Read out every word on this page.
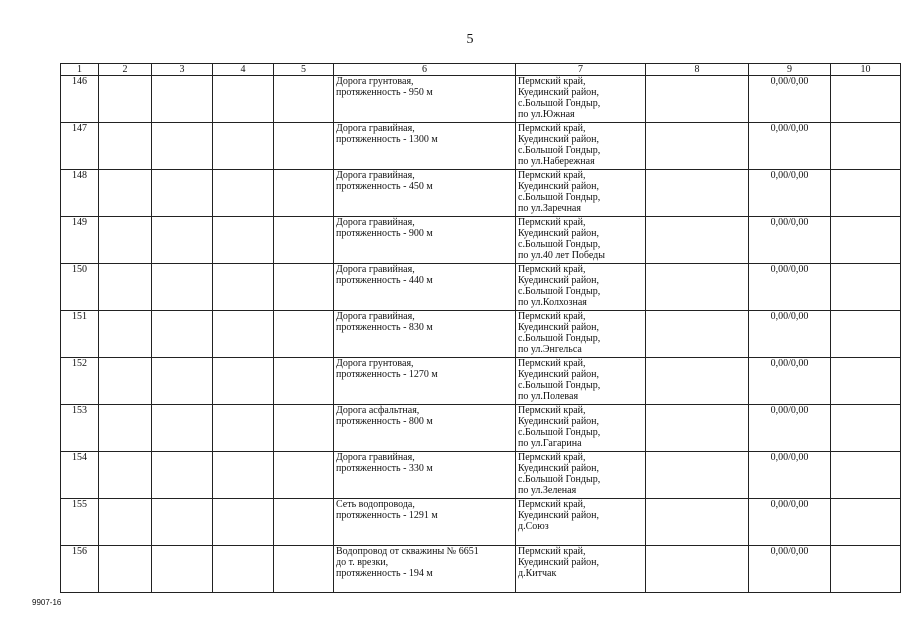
5
1	2	3	4	5	6	7	8	9	10
146					Дорога грунтовая,
протяженность - 950 м	Пермский край,
Куединский район,
с.Большой Гондыр,
по ул.Южная		0,00/0,00	
147					Дорога гравийная,
протяженность - 1300 м	Пермский край,
Куединский район,
с.Большой Гондыр,
по ул.Набережная		0,00/0,00	
148					Дорога гравийная,
протяженность - 450 м	Пермский край,
Куединский район,
с.Большой Гондыр,
по ул.Заречная		0,00/0,00	
149					Дорога гравийная,
протяженность - 900 м	Пермский край,
Куединский район,
с.Большой Гондыр,
по ул.40 лет Победы		0,00/0,00	
150					Дорога гравийная,
протяженность - 440 м	Пермский край,
Куединский район,
с.Большой Гондыр,
по ул.Колхозная		0,00/0,00	
151					Дорога гравийная,
протяженность - 830 м	Пермский край,
Куединский район,
с.Большой Гондыр,
по ул.Энгельса		0,00/0,00	
152					Дорога грунтовая,
протяженность - 1270 м	Пермский край,
Куединский район,
с.Большой Гондыр,
по ул.Полевая		0,00/0,00	
153					Дорога асфальтная,
протяженность - 800 м	Пермский край,
Куединский район,
с.Большой Гондыр,
по ул.Гагарина		0,00/0,00	
154					Дорога гравийная,
протяженность - 330 м	Пермский край,
Куединский район,
с.Большой Гондыр,
по ул.Зеленая		0,00/0,00	
155					Сеть водопровода,
протяженность - 1291 м	Пермский край,
Куединский район,
д.Союз		0,00/0,00	
156					Водопровод от скважины № 6651
до т. врезки,
протяженность - 194 м	Пермский край,
Куединский район,
д.Китчак		0,00/0,00	
9907-16
